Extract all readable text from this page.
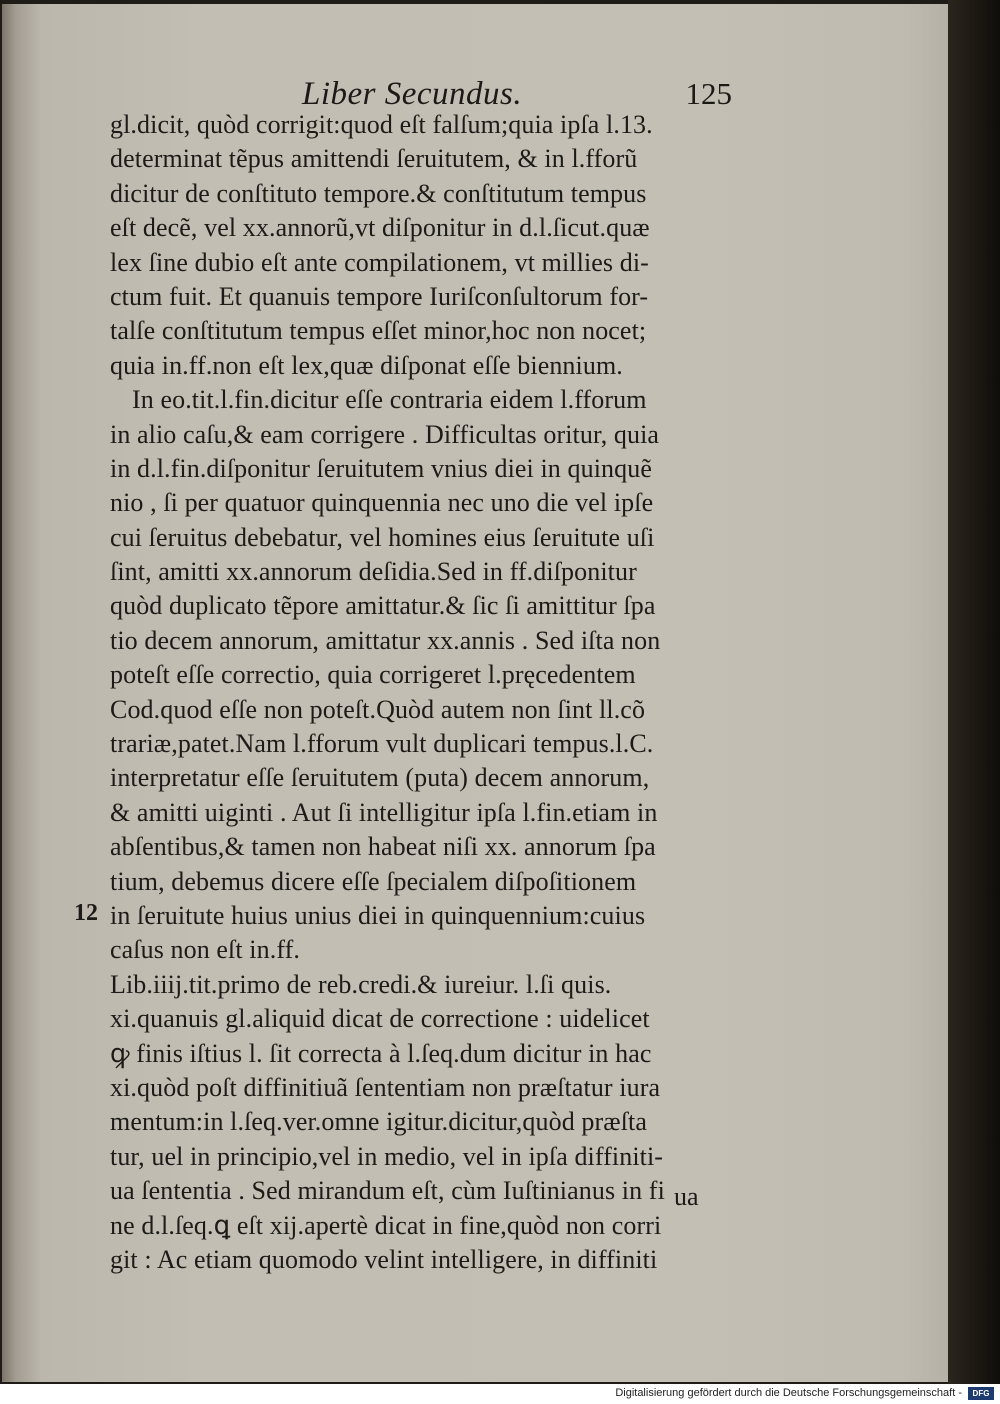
Liber Secundus.	125
gl.dicit, quòd corrigit:quod eſt falſum;quia ipſa l.13.
determinat tẽpus amittendi ſeruitutem, & in l.fforũ
dicitur de conſtituto tempore.& conſtitutum tempus
eſt decẽ, vel xx.annorũ,vt diſponitur in d.l.ſicut.quæ
lex ſine dubio eſt ante compilationem, vt millies di-
ctum fuit. Et quanuis tempore Iuriſconſultorum for-
talſe conſtitutum tempus eſſet minor,hoc non nocet;
quia in.ff.non eſt lex,quæ diſponat eſſe biennium.
In eo.tit.l.fin.dicitur eſſe contraria eidem l.fforum
in alio caſu,& eam corrigere . Difficultas oritur, quia
in d.l.fin.diſponitur ſeruitutem vnius diei in quinquẽ
nio , ſi per quatuor quinquennia nec uno die vel ipſe
cui ſeruitus debebatur, vel homines eius ſeruitute uſi
ſint, amitti xx.annorum deſidia.Sed in ff.diſponitur
quòd duplicato tẽpore amittatur.& ſic ſi amittitur ſpa
tio decem annorum, amittatur xx.annis . Sed iſta non
poteſt eſſe correctio, quia corrigeret l.pręcedentem
Cod.quod eſſe non poteſt.Quòd autem non ſint ll.cõ
trariæ,patet.Nam l.fforum vult duplicari tempus.l.C.
interpretatur eſſe ſeruitutem (puta) decem annorum,
& amitti uiginti . Aut ſi intelligitur ipſa l.fin.etiam in
abſentibus,& tamen non habeat niſi xx. annorum ſpa
tium, debemus dicere eſſe ſpecialem diſpoſitionem
in ſeruitute huius unius diei in quinquennium:cuius
caſus non eſt in.ff.
Lib.iiij.tit.primo de reb.credi.& iureiur. l.ſi quis.
xi.quanuis gl.aliquid dicat de correctione : uidelicet
ꝙ finis iſtius l. ſit correcta à l.ſeq.dum dicitur in hac
xi.quòd poſt diffinitiuã ſententiam non præſtatur iura
mentum:in l.ſeq.ver.omne igitur.dicitur,quòd præſta
tur, uel in principio,vel in medio, vel in ipſa diffiniti-
ua ſententia . Sed mirandum eſt, cùm Iuſtinianus in fi
ne d.l.ſeq.ꝗ eſt xij.apertè dicat in fine,quòd non corri
git : Ac etiam quomodo velint intelligere, in diffiniti
12
ua
Digitalisierung gefördert durch die Deutsche Forschungsgemeinschaft -	DFG
